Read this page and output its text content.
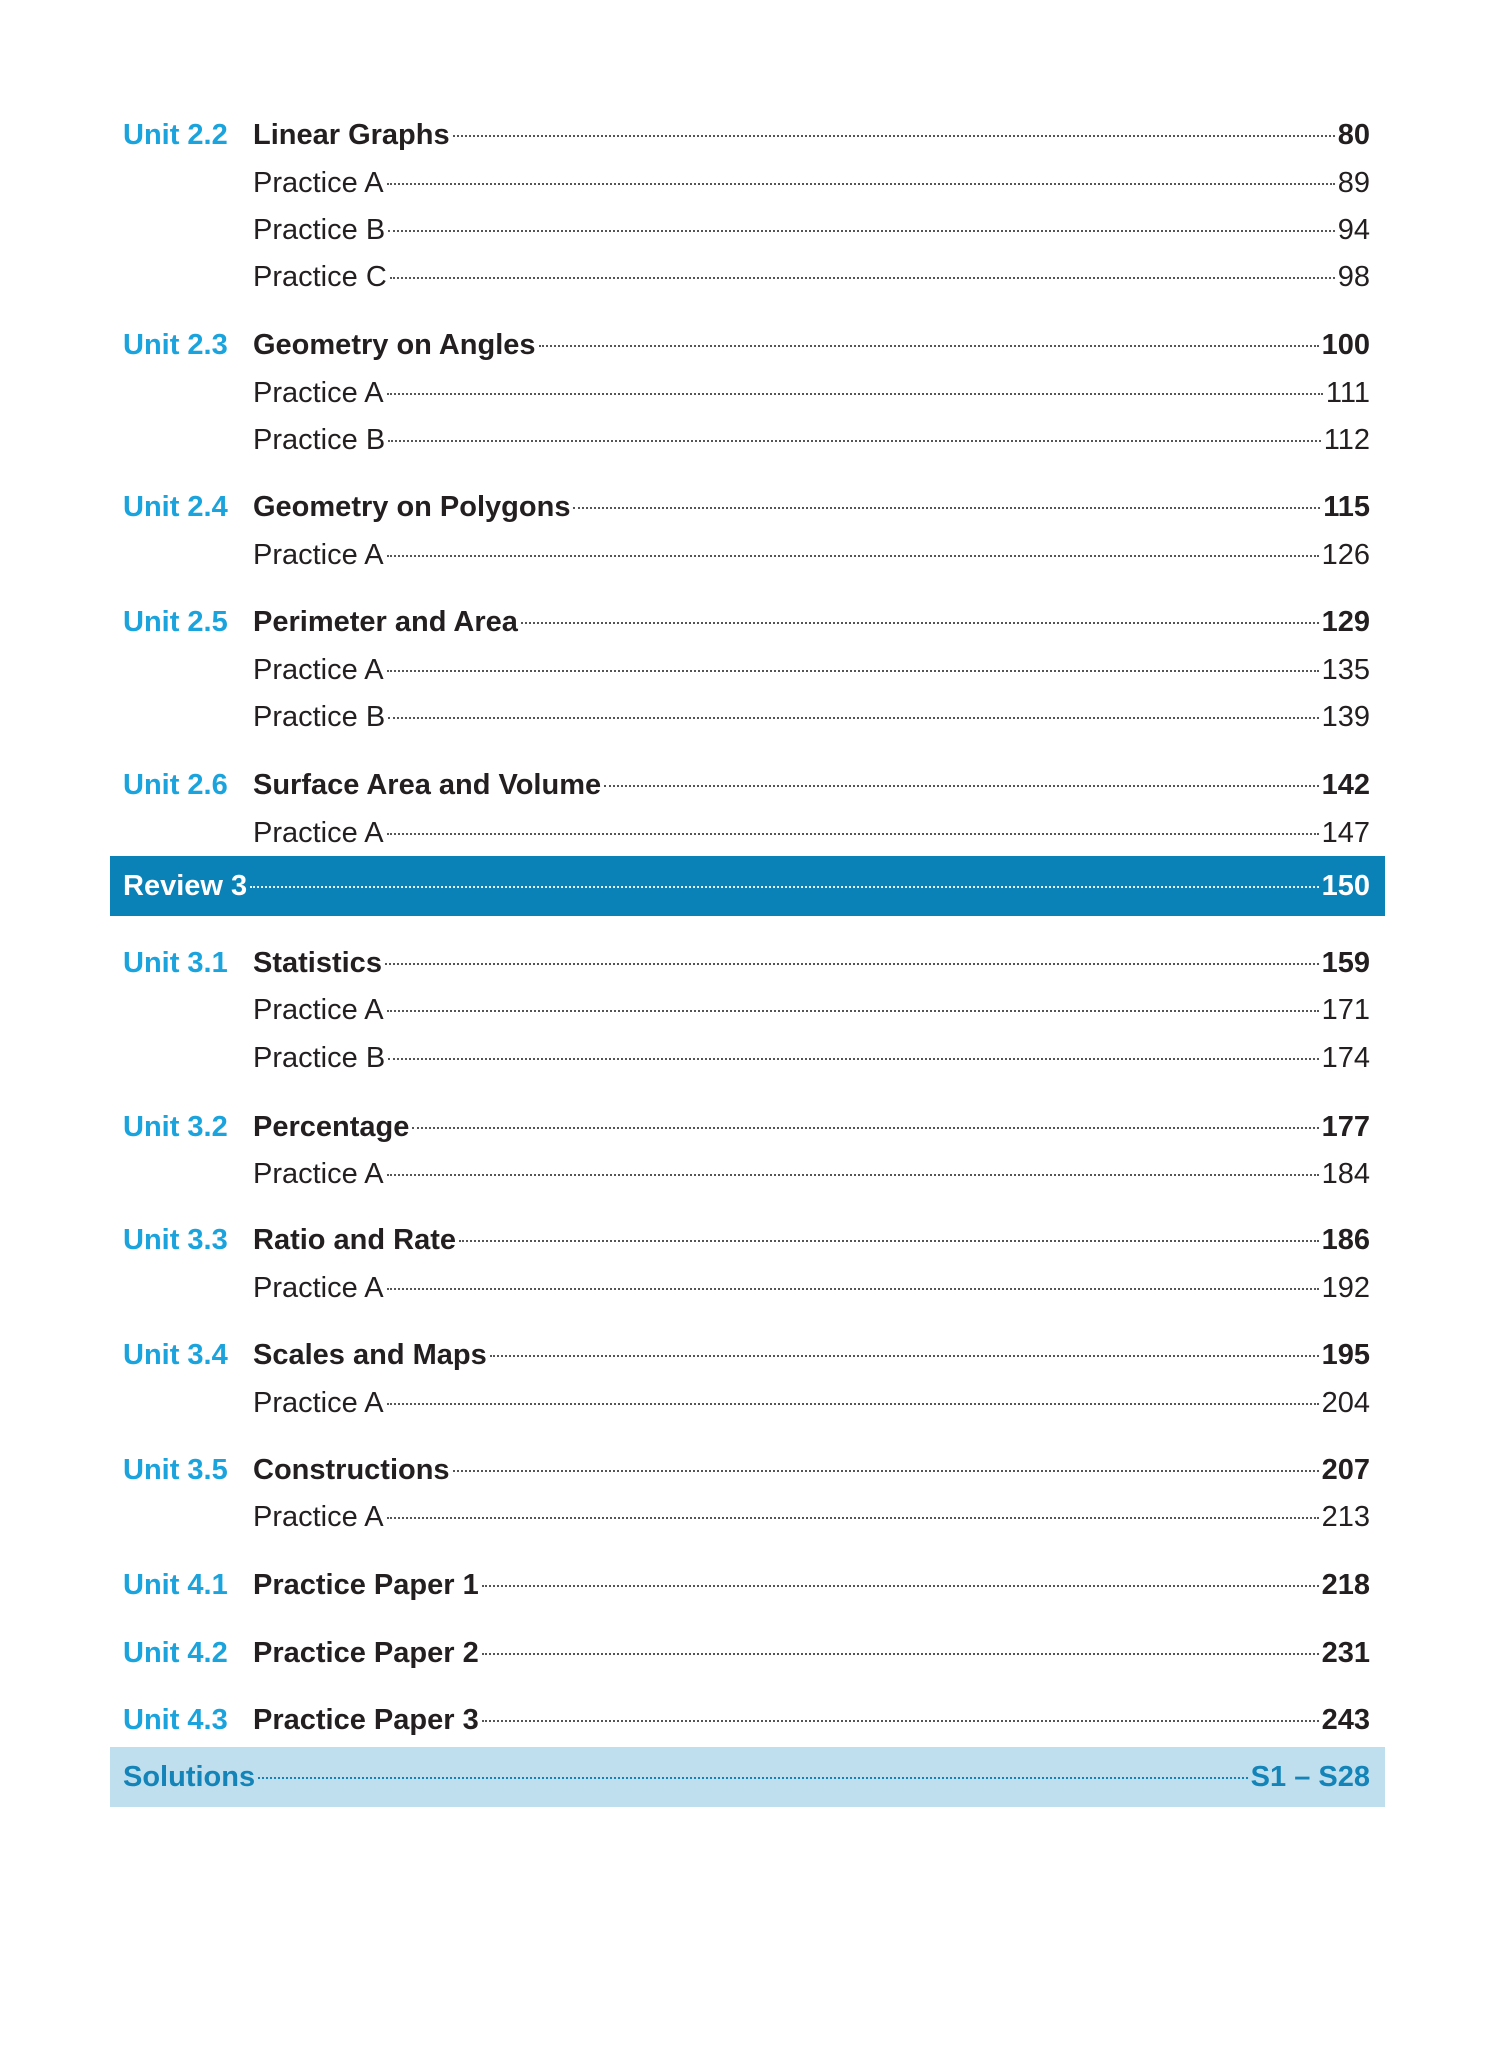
Unit 2.2 Linear Graphs	80
Practice A	89
Practice B	94
Practice C	98
Unit 2.3 Geometry on Angles	100
Practice A	111
Practice B	112
Unit 2.4 Geometry on Polygons	115
Practice A	126
Unit 2.5 Perimeter and Area	129
Practice A	135
Practice B	139
Unit 2.6 Surface Area and Volume	142
Practice A	147
Review 3	150
Unit 3.1 Statistics	159
Practice A	171
Practice B	174
Unit 3.2 Percentage	177
Practice A	184
Unit 3.3 Ratio and Rate	186
Practice A	192
Unit 3.4 Scales and Maps	195
Practice A	204
Unit 3.5 Constructions	207
Practice A	213
Unit 4.1 Practice Paper 1	218
Unit 4.2 Practice Paper 2	231
Unit 4.3 Practice Paper 3	243
Solutions	S1 – S28
